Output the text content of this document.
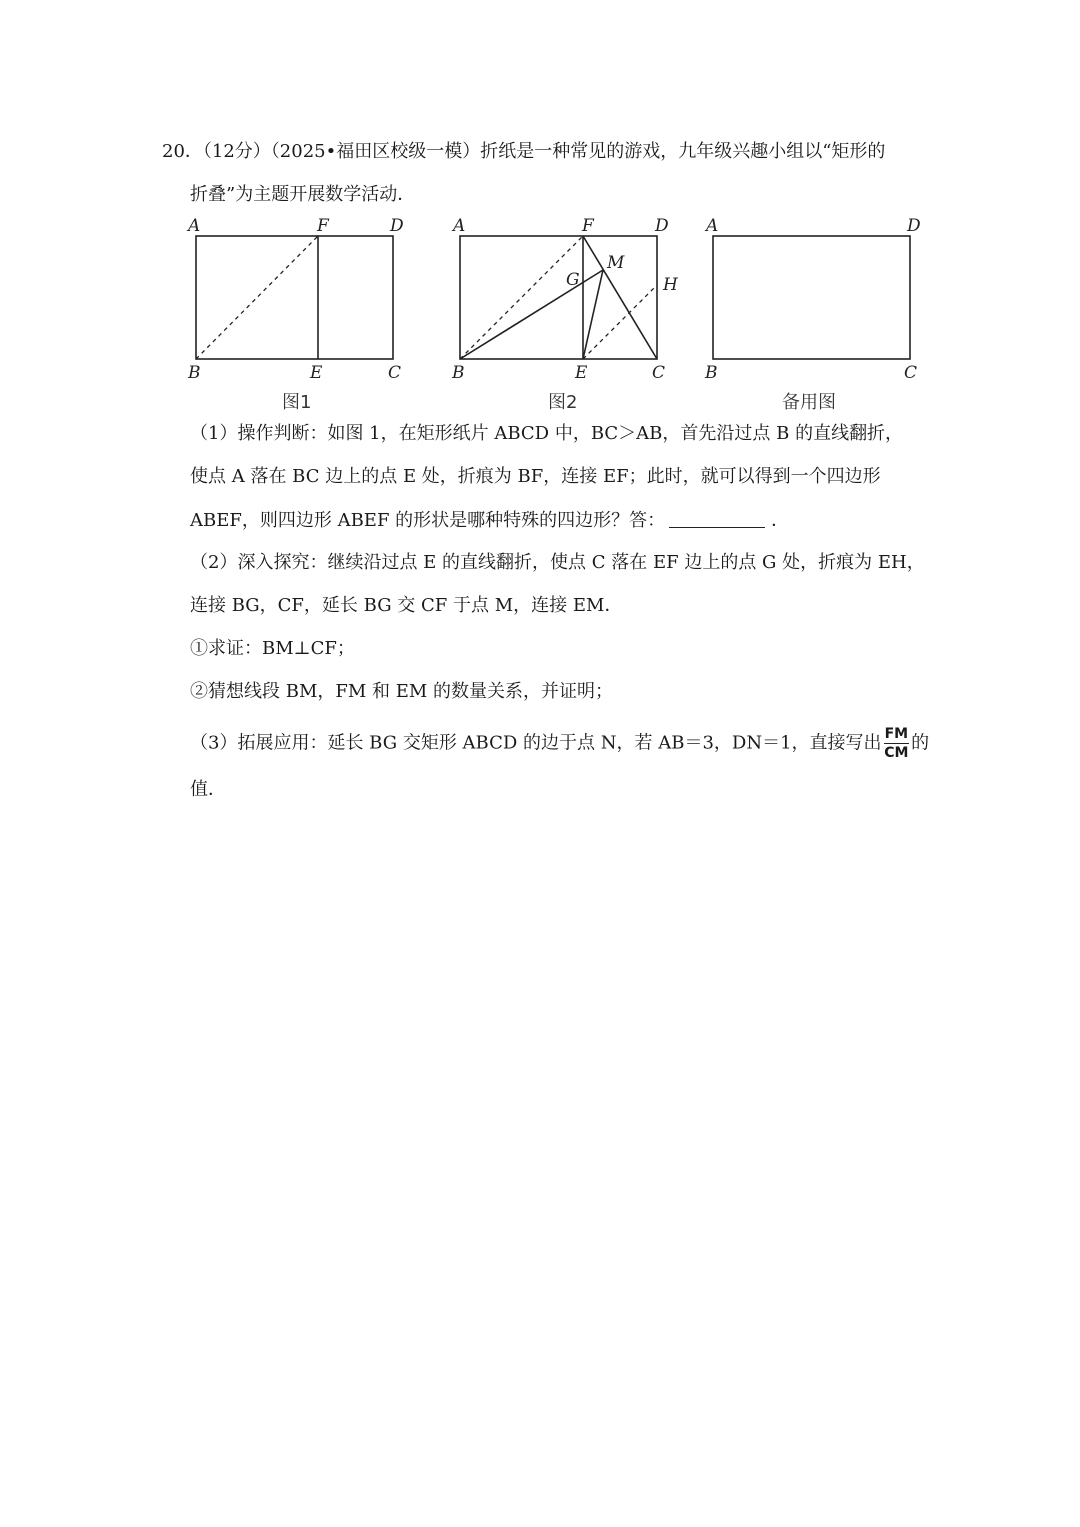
20．（12分）（2025•福田区校级一模）折纸是一种常见的游戏，九年级兴趣小组以“矩形的
折叠”为主题开展数学活动．
A	F	D
B	E	C
图1
A	F	D
M
G	H
B	E	C
图2
A	D
B	C
备用图
（1）操作判断：如图 1，在矩形纸片 ABCD 中，BC＞AB，首先沿过点 B 的直线翻折，
使点 A 落在 BC 边上的点 E 处，折痕为 BF，连接 EF；此时，就可以得到一个四边形
ABEF，则四边形 ABEF 的形状是哪种特殊的四边形？答：	．
（2）深入探究：继续沿过点 E 的直线翻折，使点 C 落在 EF 边上的点 G 处，折痕为 EH，
连接 BG，CF，延长 BG 交 CF 于点 M，连接 EM．
①求证：BM⊥CF；
②猜想线段 BM，FM 和 EM 的数量关系，并证明；
（3）拓展应用：延长 BG 交矩形 ABCD 的边于点 N，若 AB＝3，DN＝1，直接写出 $\frac{FM}{CM}$ 的
值．
